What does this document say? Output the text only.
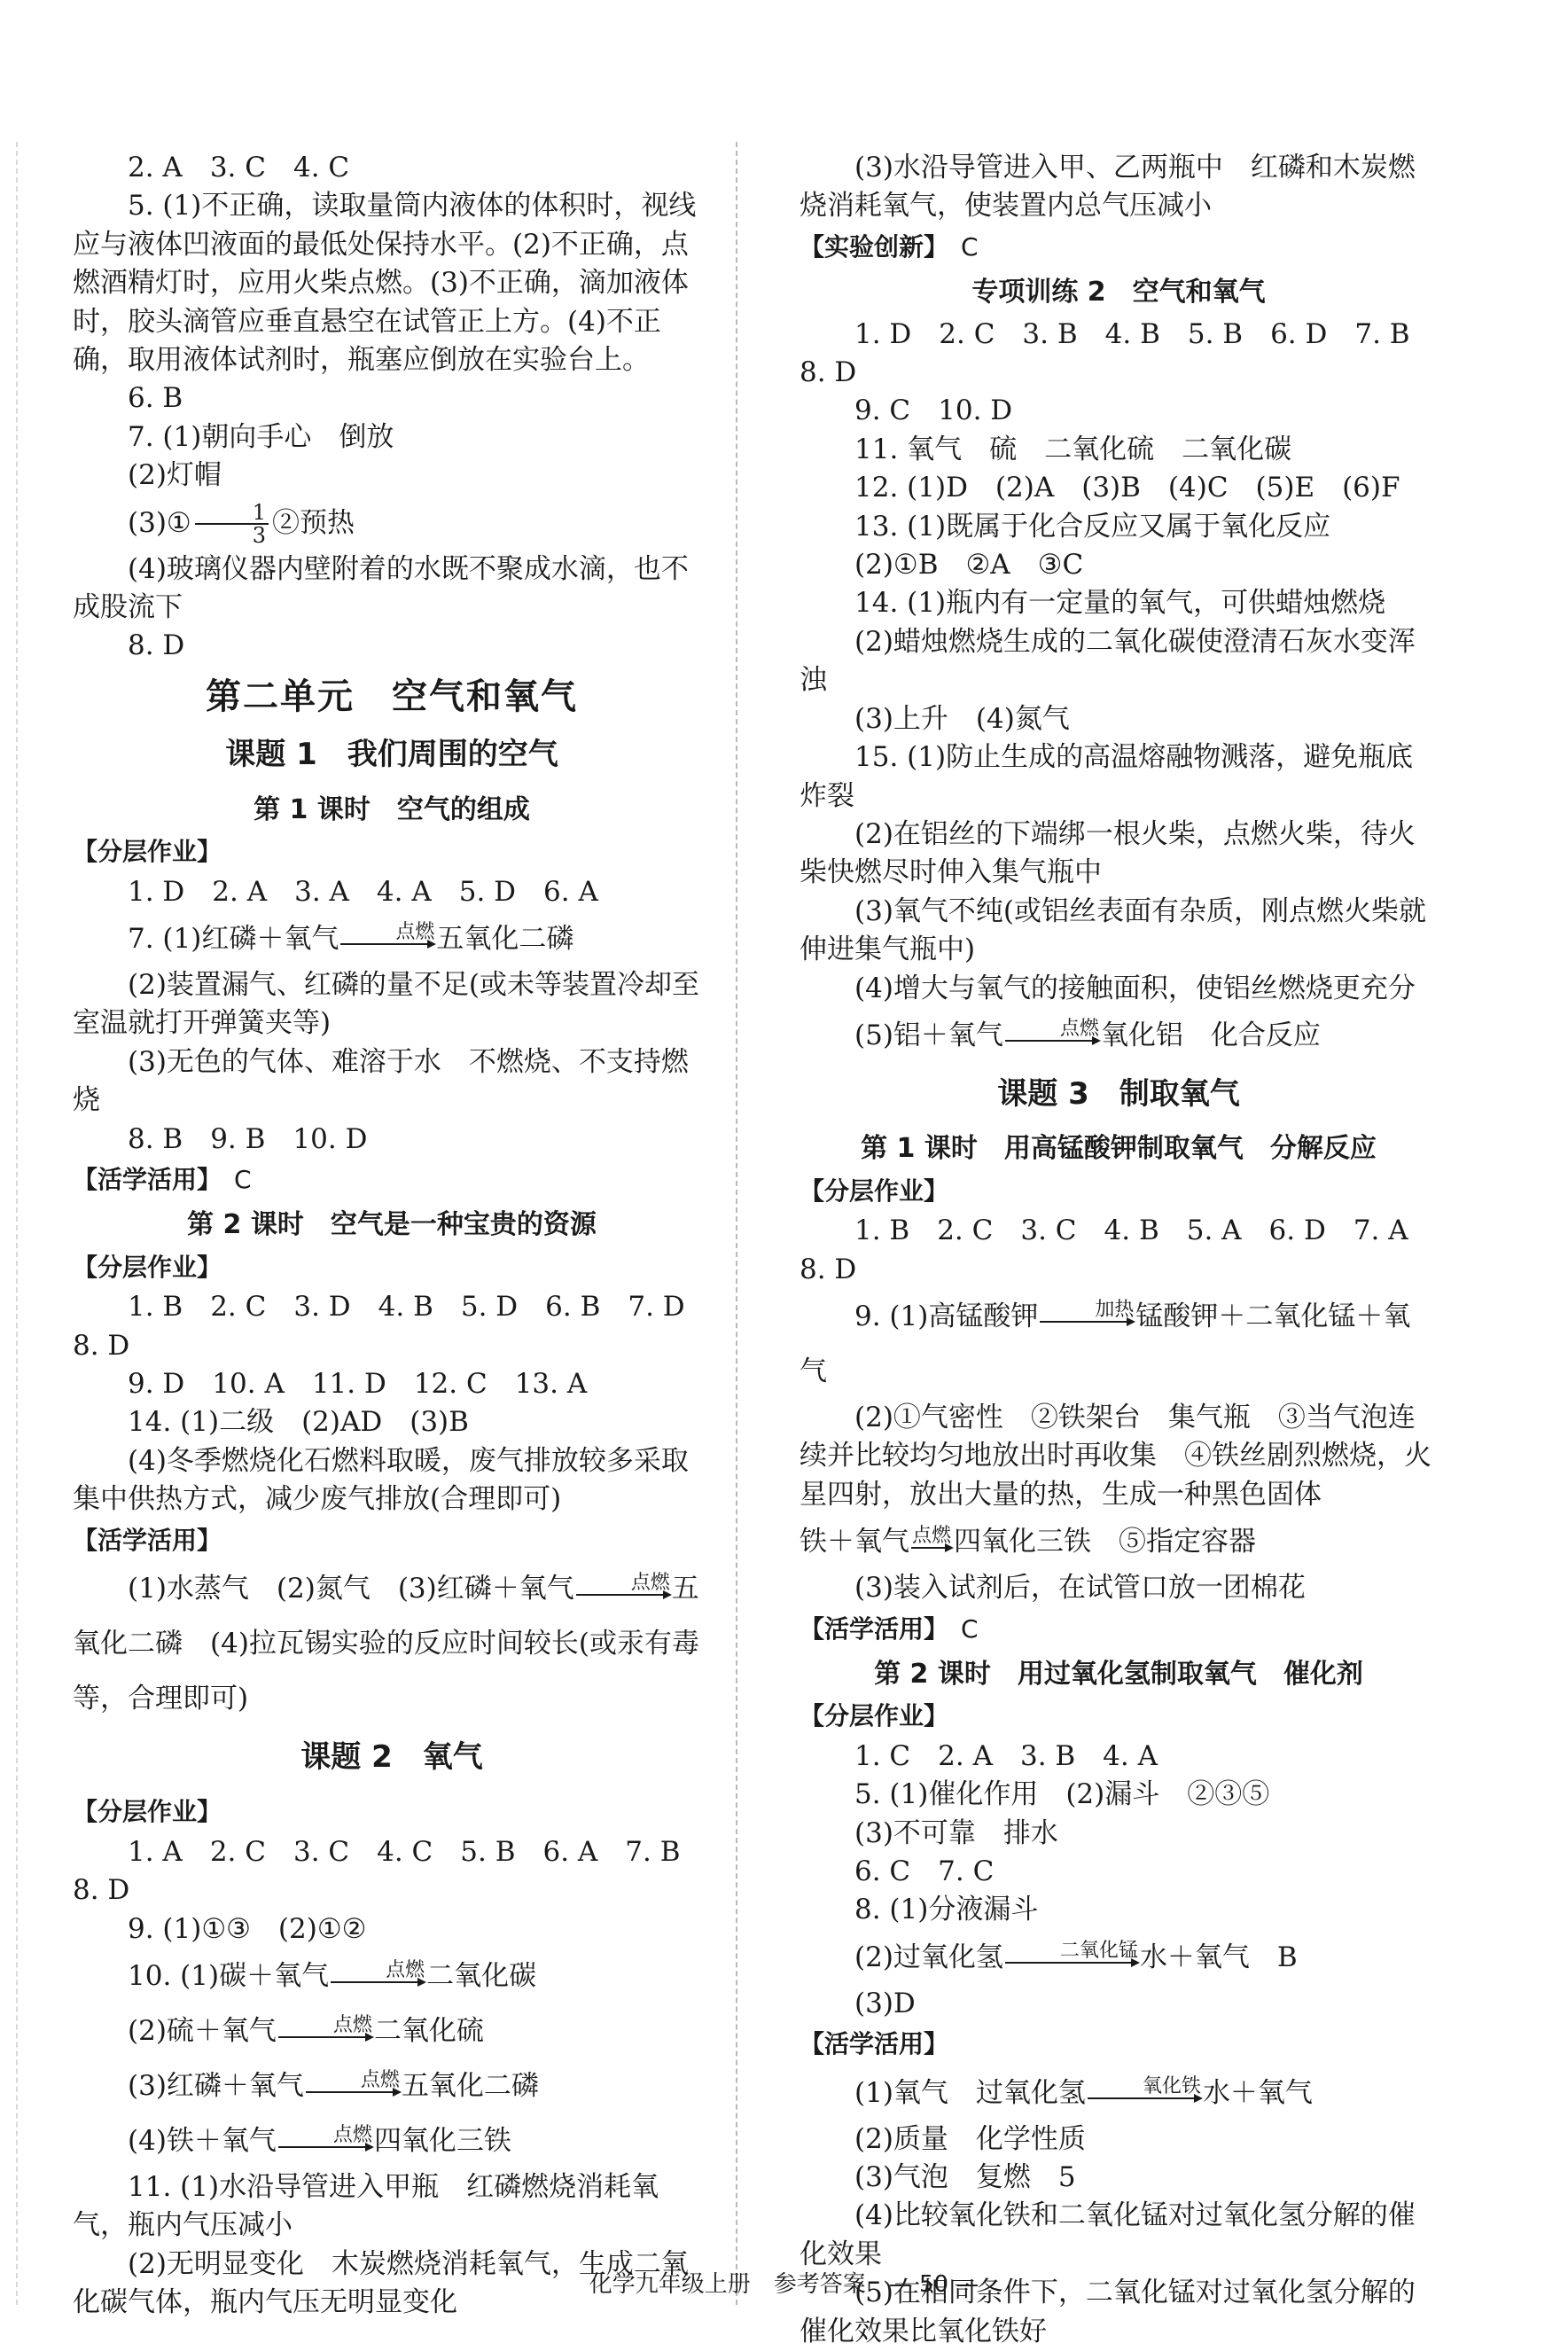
2. A　3. C　4. C

5. (1)不正确，读取量筒内液体的体积时，视线应与液体凹液面的最低处保持水平。(2)不正确，点燃酒精灯时，应用火柴点燃。(3)不正确，滴加液体时，胶头滴管应垂直悬空在试管正上方。(4)不正确，取用液体试剂时，瓶塞应倒放在实验台上。

6. B

7. (1)朝向手心　倒放

(2)灯帽

(3)① $\frac{1}{3}$ ②预热

(4)玻璃仪器内壁附着的水既不聚成水滴，也不成股流下

8. D

第二单元　空气和氧气
课题 1　我们周围的空气
第 1 课时　空气的组成

【分层作业】

1. D　2. A　3. A　4. A　5. D　6. A

7. (1)红磷＋氧气	点燃 五氧化二磷

(2)装置漏气、红磷的量不足(或未等装置冷却至室温就打开弹簧夹等)

(3)无色的气体、难溶于水　不燃烧、不支持燃烧

8. B　9. B　10. D

【活学活用】　 C

第 2 课时　空气是一种宝贵的资源

【分层作业】

1. B　2. C　3. D　4. B　5. D　6. B　7. D　8. D

9. D　10. A　11. D　12. C　13. A

14. (1)二级　(2)AD　(3)B

(4)冬季燃烧化石燃料取暖，废气排放较多采取集中供热方式，减少废气排放(合理即可)

【活学活用】

(1)水蒸气　(2)氮气　(3)红磷＋氧气	点燃 五氧化二磷　(4)拉瓦锡实验的反应时间较长(或汞有毒等，合理即可)

课题 2　氧气

【分层作业】

1. A　2. C　3. C　4. C　5. B　6. A　7. B　8. D

9. (1)①③　(2)①②

10. (1)碳＋氧气	点燃 二氧化碳

(2)硫＋氧气	点燃 二氧化硫

(3)红磷＋氧气	点燃 五氧化二磷

(4)铁＋氧气	点燃 四氧化三铁

11. (1)水沿导管进入甲瓶　红磷燃烧消耗氧气，瓶内气压减小

(2)无明显变化　木炭燃烧消耗氧气，生成二氧化碳气体，瓶内气压无明显变化

(3)水沿导管进入甲、乙两瓶中　红磷和木炭燃烧消耗氧气，使装置内总气压减小

【实验创新】　 C

专项训练 2　空气和氧气

1. D　2. C　3. B　4. B　5. B　6. D　7. B　8. D

9. C　10. D

11. 氧气　硫　二氧化硫　二氧化碳

12. (1)D　(2)A　(3)B　(4)C　(5)E　(6)F

13. (1)既属于化合反应又属于氧化反应

(2)①B　②A　③C

14. (1)瓶内有一定量的氧气，可供蜡烛燃烧

(2)蜡烛燃烧生成的二氧化碳使澄清石灰水变浑浊

(3)上升　(4)氮气

15. (1)防止生成的高温熔融物溅落，避免瓶底炸裂

(2)在铝丝的下端绑一根火柴，点燃火柴，待火柴快燃尽时伸入集气瓶中

(3)氧气不纯(或铝丝表面有杂质，刚点燃火柴就伸进集气瓶中)

(4)增大与氧气的接触面积，使铝丝燃烧更充分

(5)铝＋氧气	点燃 氧化铝　化合反应

课题 3　制取氧气
第 1 课时　用高锰酸钾制取氧气　分解反应

【分层作业】

1. B　2. C　3. C　4. B　5. A　6. D　7. A　8. D

9. (1)高锰酸钾	加热 锰酸钾＋二氧化锰＋氧气

(2)①气密性　②铁架台　集气瓶　③当气泡连续并比较均匀地放出时再收集　④铁丝剧烈燃烧，火星四射，放出大量的热，生成一种黑色固体

铁＋氧气 点燃 四氧化三铁　⑤指定容器

(3)装入试剂后，在试管口放一团棉花

【活学活用】　 C

第 2 课时　用过氧化氢制取氧气　催化剂

【分层作业】

1. C　2. A　3. B　4. A

5. (1)催化作用　(2)漏斗　②③⑤

(3)不可靠　排水

6. C　7. C

8. (1)分液漏斗

(2)过氧化氢	二氧化锰 水＋氧气　B

(3)D

【活学活用】

(1)氧气　过氧化氢	氧化铁 水＋氧气

(2)质量　化学性质

(3)气泡　复燃　5

(4)比较氧化铁和二氧化锰对过氧化氢分解的催化效果

(5)在相同条件下，二氧化锰对过氧化氢分解的催化效果比氧化铁好

化学九年级上册　参考答案　— 50 —
